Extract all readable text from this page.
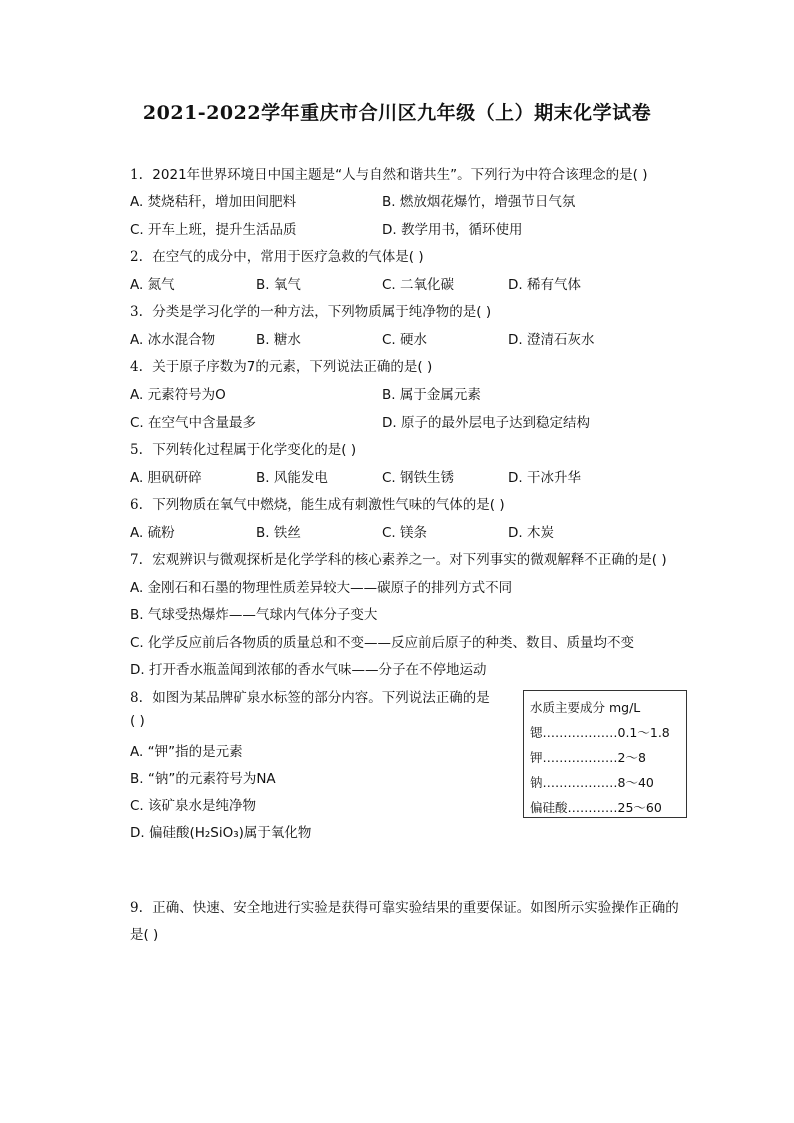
2021-2022学年重庆市合川区九年级（上）期末化学试卷
1. 2021年世界环境日中国主题是“人与自然和谐共生”。下列行为中符合该理念的是( )
A. 焚烧秸秆，增加田间肥料	B. 燃放烟花爆竹，增强节日气氛
C. 开车上班，提升生活品质	D. 教学用书，循环使用
2. 在空气的成分中，常用于医疗急救的气体是( )
A. 氮气	B. 氧气	C. 二氧化碳	D. 稀有气体
3. 分类是学习化学的一种方法，下列物质属于纯净物的是( )
A. 冰水混合物	B. 糖水	C. 硬水	D. 澄清石灰水
4. 关于原子序数为7的元素，下列说法正确的是( )
A. 元素符号为O	B. 属于金属元素
C. 在空气中含量最多	D. 原子的最外层电子达到稳定结构
5. 下列转化过程属于化学变化的是( )
A. 胆矾研碎	B. 风能发电	C. 钢铁生锈	D. 干冰升华
6. 下列物质在氧气中燃烧，能生成有刺激性气味的气体的是( )
A. 硫粉	B. 铁丝	C. 镁条	D. 木炭
7. 宏观辨识与微观探析是化学学科的核心素养之一。对下列事实的微观解释不正确的是( )
A. 金刚石和石墨的物理性质差异较大——碳原子的排列方式不同
B. 气球受热爆炸——气球内气体分子变大
C. 化学反应前后各物质的质量总和不变——反应前后原子的种类、数目、质量均不变
D. 打开香水瓶盖闻到浓郁的香水气味——分子在不停地运动
8. 如图为某品牌矿泉水标签的部分内容。下列说法正确的是
( )
A. “钾”指的是元素
B. “钠”的元素符号为NA
C. 该矿泉水是纯净物
D. 偏硅酸(H₂SiO₃)属于氧化物
水质主要成分 mg/L
锶………………0.1～1.8
钾………………2～8
钠………………8～40
偏硅酸…………25～60
9. 正确、快速、安全地进行实验是获得可靠实验结果的重要保证。如图所示实验操作正确的
是( )
